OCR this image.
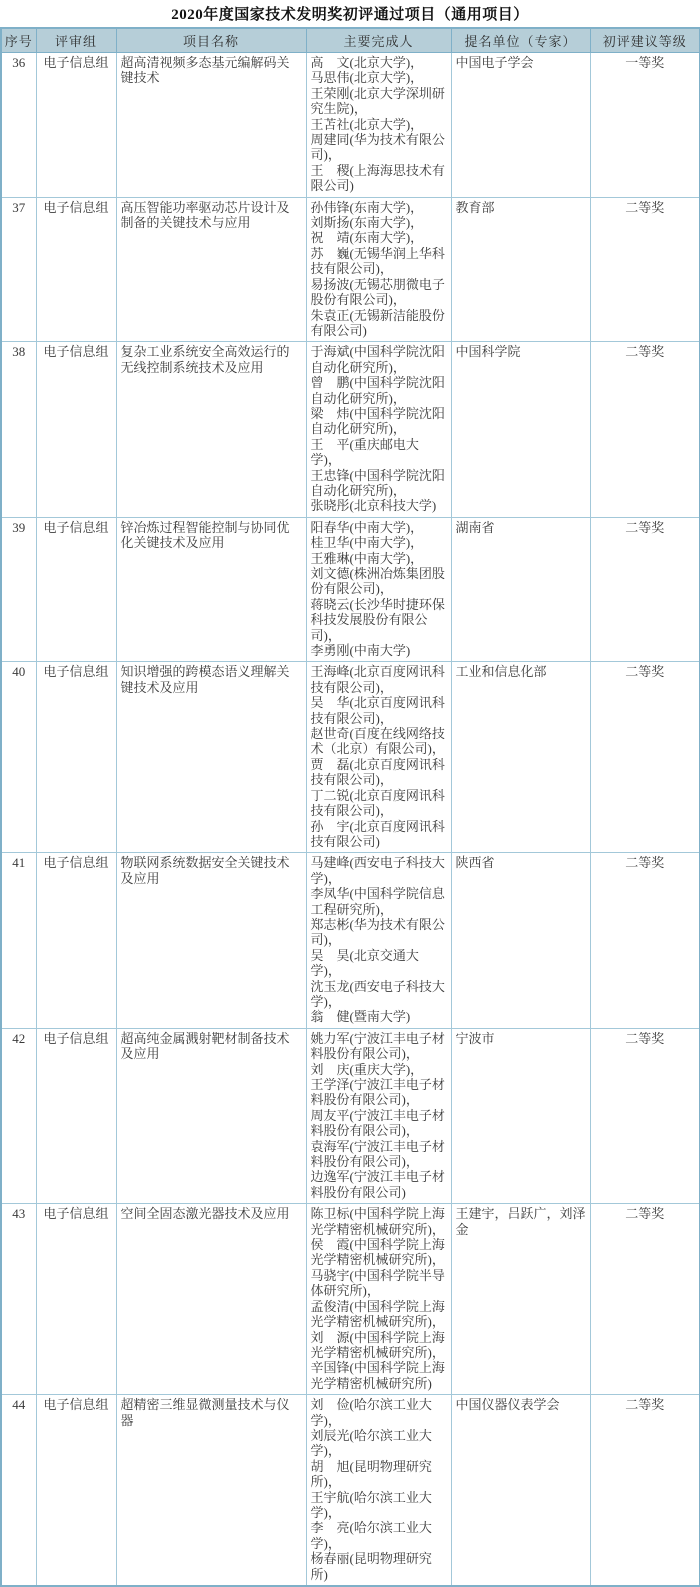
2020年度国家技术发明奖初评通过项目（通用项目）
序号	评审组	项目名称	主要完成人	提名单位（专家）	初评建议等级
36	电子信息组	超高清视频多态基元编解码关键技术	
高　文(北京大学)，
马思伟(北京大学)，
王荣刚(北京大学深圳研究生院)，
王苫社(北京大学)，
周建同(华为技术有限公司)，
王　稷(上海海思技术有限公司)
	中国电子学会	一等奖
37	电子信息组	高压智能功率驱动芯片设计及制备的关键技术与应用	
孙伟锋(东南大学)，
刘斯扬(东南大学)，
祝　靖(东南大学)，
苏　巍(无锡华润上华科技有限公司)，
易扬波(无锡芯朋微电子股份有限公司)，
朱袁正(无锡新洁能股份有限公司)
	教育部	二等奖
38	电子信息组	复杂工业系统安全高效运行的无线控制系统技术及应用	
于海斌(中国科学院沈阳自动化研究所)，
曾　鹏(中国科学院沈阳自动化研究所)，
梁　炜(中国科学院沈阳自动化研究所)，
王　平(重庆邮电大学)，
王忠锋(中国科学院沈阳自动化研究所)，
张晓彤(北京科技大学)
	中国科学院	二等奖
39	电子信息组	锌冶炼过程智能控制与协同优化关键技术及应用	
阳春华(中南大学)，
桂卫华(中南大学)，
王雅琳(中南大学)，
刘文德(株洲冶炼集团股份有限公司)，
蒋晓云(长沙华时捷环保科技发展股份有限公司)，
李勇刚(中南大学)
	湖南省	二等奖
40	电子信息组	知识增强的跨模态语义理解关键技术及应用	
王海峰(北京百度网讯科技有限公司)，
吴　华(北京百度网讯科技有限公司)，
赵世奇(百度在线网络技术（北京）有限公司)，
贾　磊(北京百度网讯科技有限公司)，
丁二锐(北京百度网讯科技有限公司)，
孙　宇(北京百度网讯科技有限公司)
	工业和信息化部	二等奖
41	电子信息组	物联网系统数据安全关键技术及应用	
马建峰(西安电子科技大学)，
李凤华(中国科学院信息工程研究所)，
郑志彬(华为技术有限公司)，
吴　昊(北京交通大学)，
沈玉龙(西安电子科技大学)，
翁　健(暨南大学)
	陕西省	二等奖
42	电子信息组	超高纯金属溅射靶材制备技术及应用	
姚力军(宁波江丰电子材料股份有限公司)，
刘　庆(重庆大学)，
王学泽(宁波江丰电子材料股份有限公司)，
周友平(宁波江丰电子材料股份有限公司)，
袁海军(宁波江丰电子材料股份有限公司)，
边逸军(宁波江丰电子材料股份有限公司)
	宁波市	二等奖
43	电子信息组	空间全固态激光器技术及应用	陈卫标(中国科学院上海光学精密机械研究所)，
侯　霞(中国科学院上海光学精密机械研究所)，
马骁宇(中国科学院半导体研究所)，
孟俊清(中国科学院上海光学精密机械研究所)，
刘　源(中国科学院上海光学精密机械研究所)，
辛国锋(中国科学院上海光学精密机械研究所)
	王建宇，吕跃广，刘泽金	二等奖
44	电子信息组	超精密三维显微测量技术与仪器	
刘　俭(哈尔滨工业大学)，
刘辰光(哈尔滨工业大学)，
胡　旭(昆明物理研究所)，
王宇航(哈尔滨工业大学)，
李　亮(哈尔滨工业大学)，
杨春丽(昆明物理研究所)
	中国仪器仪表学会	二等奖
